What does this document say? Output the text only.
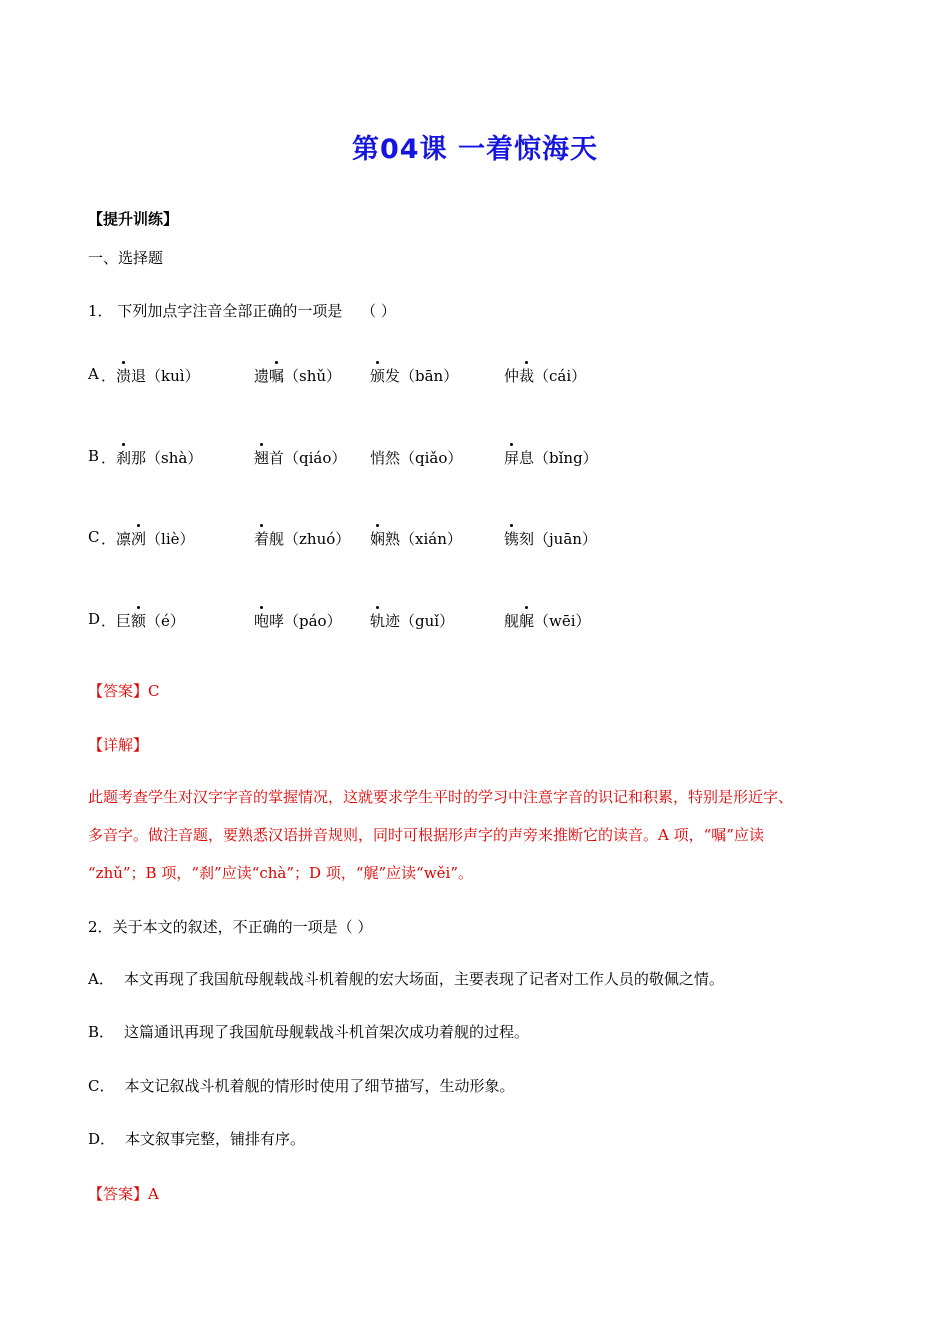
第04课 一着惊海天
【提升训练】
一、选择题
1． 下列加点字注音全部正确的一项是 （ ）
A ． 溃退（kuì）	遗嘱（shǔ） 颁发（bān）	仲裁（cái）
B ． 刹那（shà）	翘首（qiáo） 悄然（qiǎo）	屏息（bǐng）
C ． 凛冽（liè）	着舰（zhuó） 娴熟（xián）	镌刻（juān）
D ． 巨额（é）	咆哮（páo） 轨迹（guǐ）	舰艉（wēi）
【答案】C
【详解】
此题考查学生对汉字字音的掌握情况，这就要求学生平时的学习中注意字音的识记和积累，特别是形近字、
多音字。做注音题，要熟悉汉语拼音规则，同时可根据形声字的声旁来推断它的读音。A 项，“嘱”应读
“zhǔ”；B 项，“刹”应读“chà”；D 项，“艉”应读“wěi”。
2．关于本文的叙述，不正确的一项是（ ）
A． 本文再现了我国航母舰载战斗机着舰的宏大场面，主要表现了记者对工作人员的敬佩之情。
B． 这篇通讯再现了我国航母舰载战斗机首架次成功着舰的过程。
C． 本文记叙战斗机着舰的情形时使用了细节描写，生动形象。
D． 本文叙事完整，铺排有序。
【答案】A
